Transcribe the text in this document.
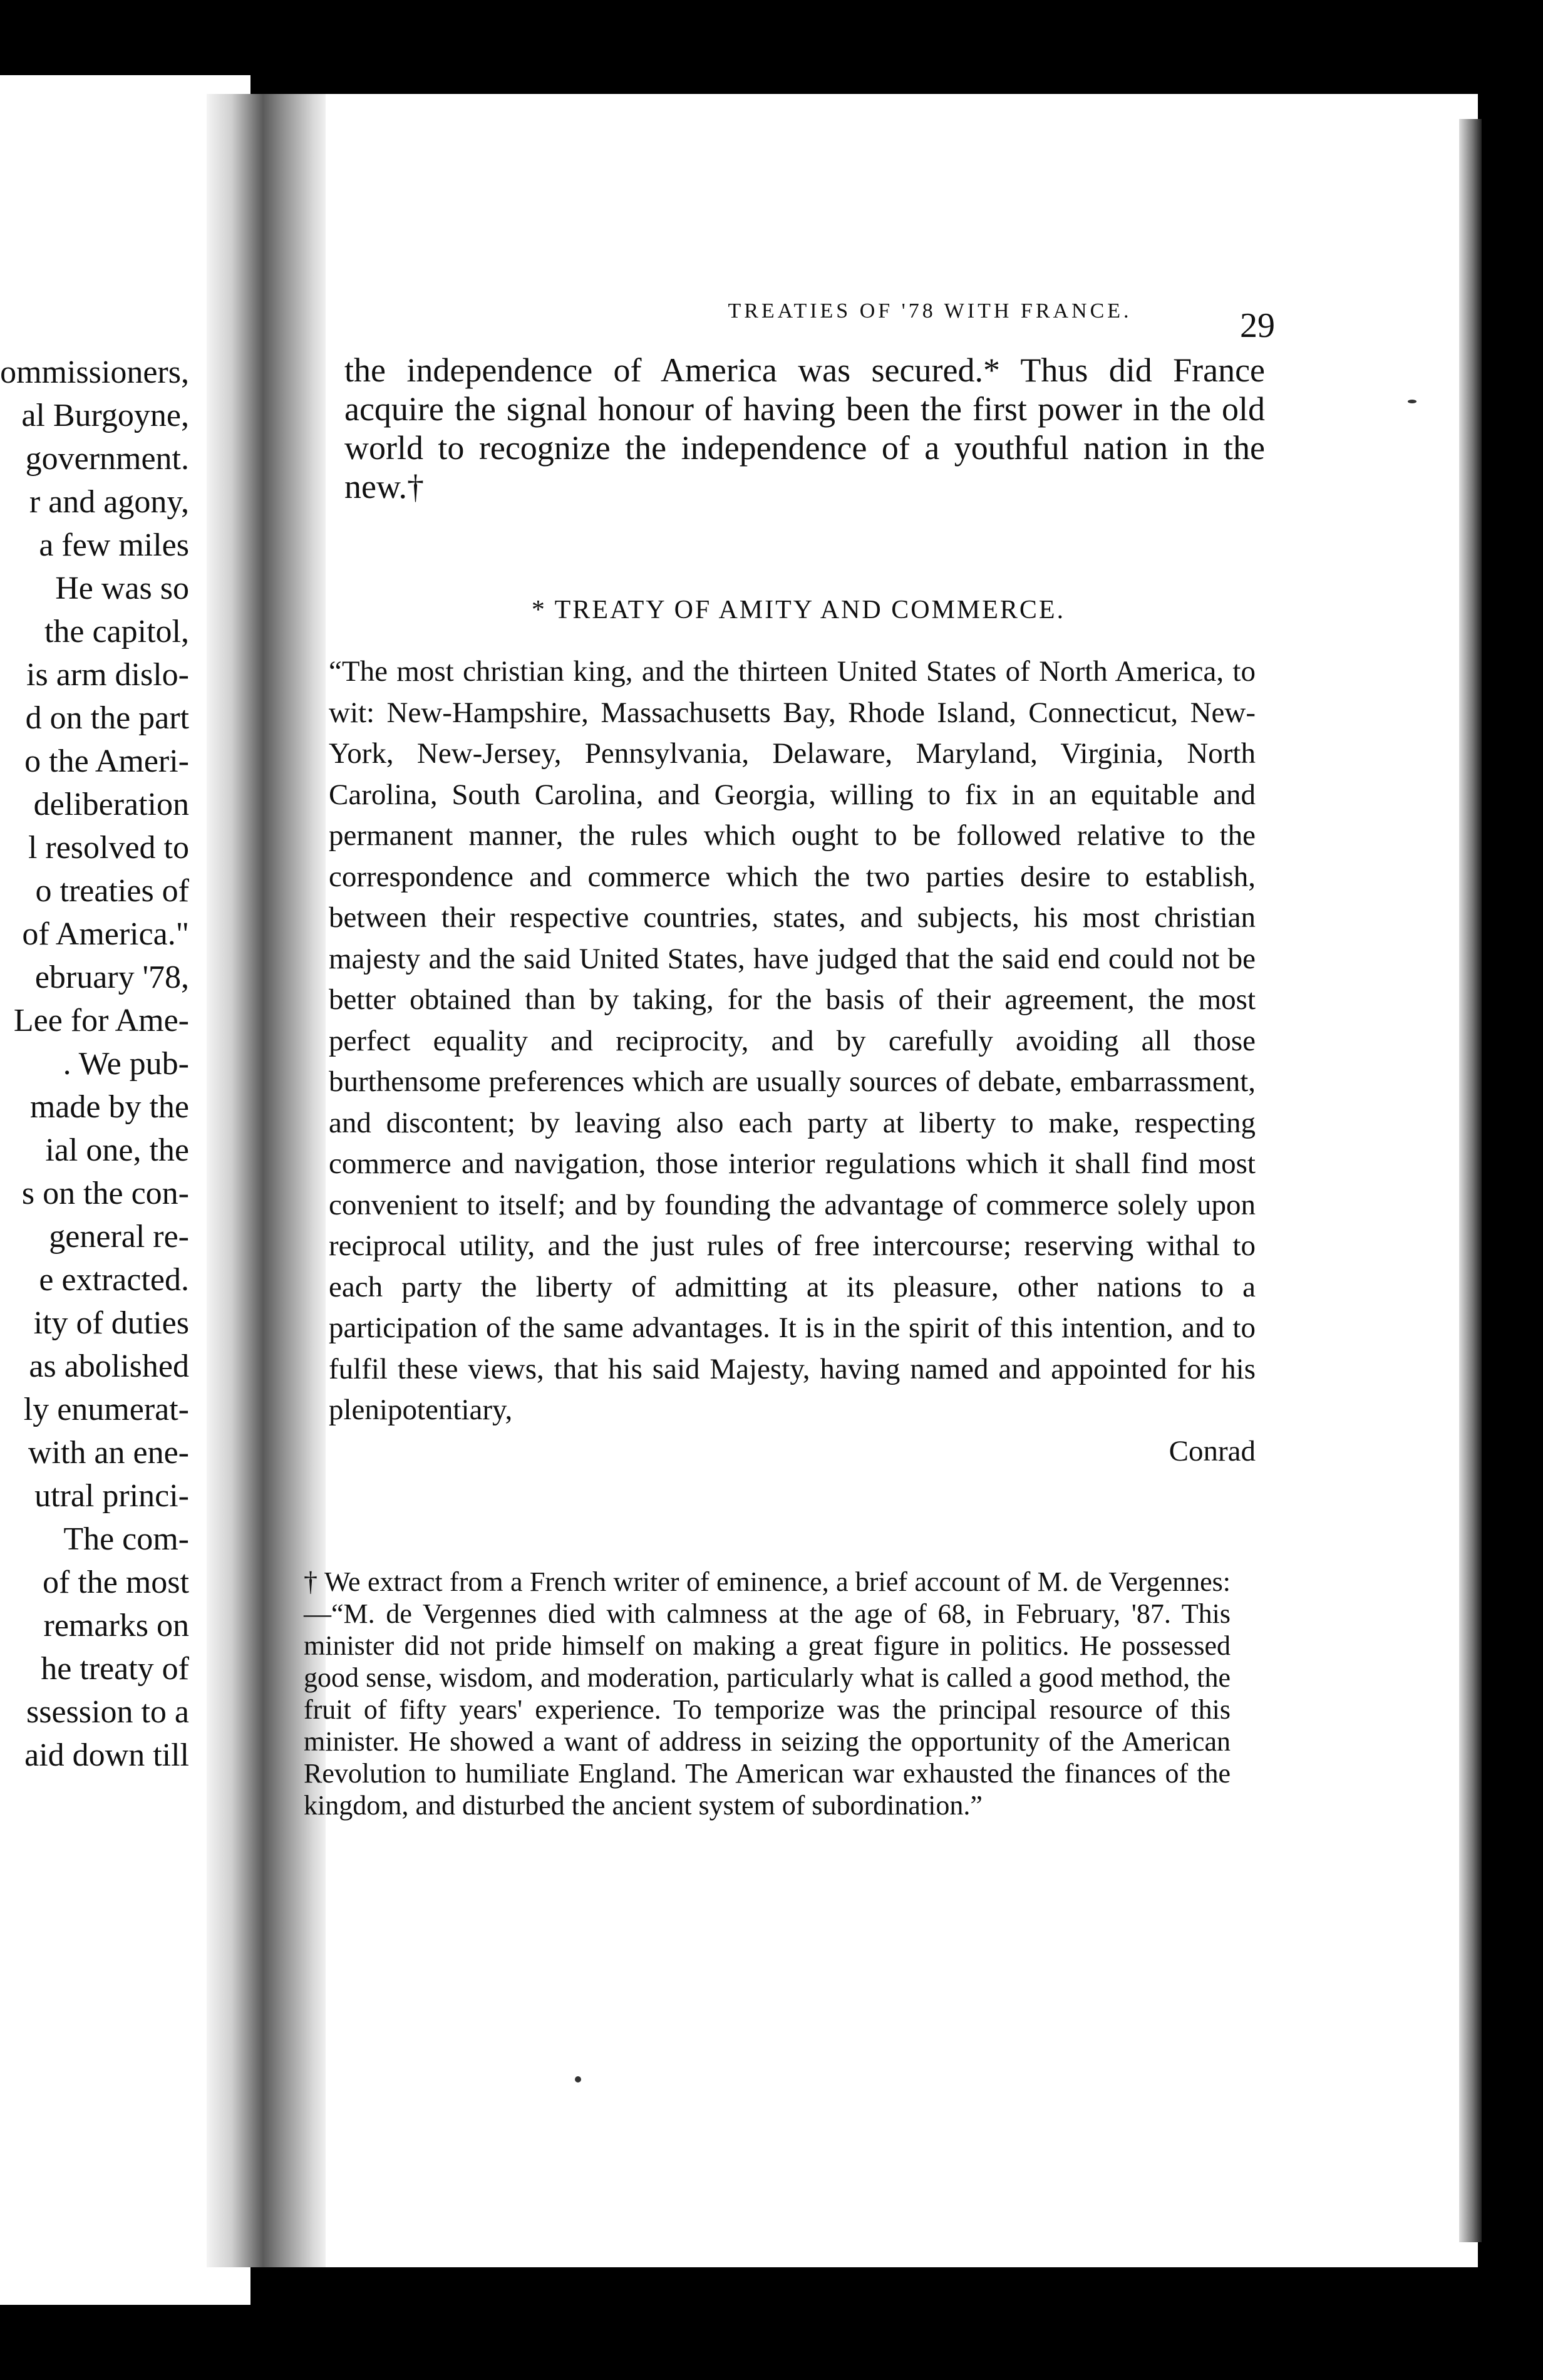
ommissioners,
al Burgoyne,
government.
r and agony,
a few miles
He was so
the capitol,
is arm dislo-
d on the part
o the Ameri-
deliberation
l resolved to
o treaties of
of America."
ebruary '78,
Lee for Ame-
. We pub-
made by the
ial one, the
s on the con-
general re-
e extracted.
ity of duties
as abolished
ly enumerat-
with an ene-
utral princi-
The com-
of the most
remarks on
he treaty of
ssession to a
aid down till
TREATIES OF '78 WITH FRANCE.	29
the independence of America was secured.* Thus did France acquire the signal honour of having been the first power in the old world to recognize the independence of a youthful nation in the new.†
* TREATY OF AMITY AND COMMERCE.
“The most christian king, and the thirteen United States of North America, to wit: New-Hampshire, Massachusetts Bay, Rhode Island, Connecticut, New-York, New-Jersey, Pennsylvania, Delaware, Maryland, Virginia, North Carolina, South Carolina, and Georgia, willing to fix in an equitable and permanent manner, the rules which ought to be followed relative to the correspondence and commerce which the two parties desire to establish, between their respective countries, states, and subjects, his most christian majesty and the said United States, have judged that the said end could not be better obtained than by taking, for the basis of their agreement, the most perfect equality and reciprocity, and by carefully avoiding all those burthensome preferences which are usually sources of debate, embarrassment, and discontent; by leaving also each party at liberty to make, respecting commerce and navigation, those interior regulations which it shall find most convenient to itself; and by founding the advantage of commerce solely upon reciprocal utility, and the just rules of free intercourse; reserving withal to each party the liberty of admitting at its pleasure, other nations to a participation of the same advantages. It is in the spirit of this intention, and to fulfil these views, that his said Majesty, having named and appointed for his plenipotentiary,
Conrad
† We extract from a French writer of eminence, a brief account of M. de Vergennes:—“M. de Vergennes died with calmness at the age of 68, in February, '87. This minister did not pride himself on making a great figure in politics. He possessed good sense, wisdom, and moderation, particularly what is called a good method, the fruit of fifty years' experience. To temporize was the principal resource of this minister. He showed a want of address in seizing the opportunity of the American Revolution to humiliate England. The American war exhausted the finances of the kingdom, and disturbed the ancient system of subordination.”
